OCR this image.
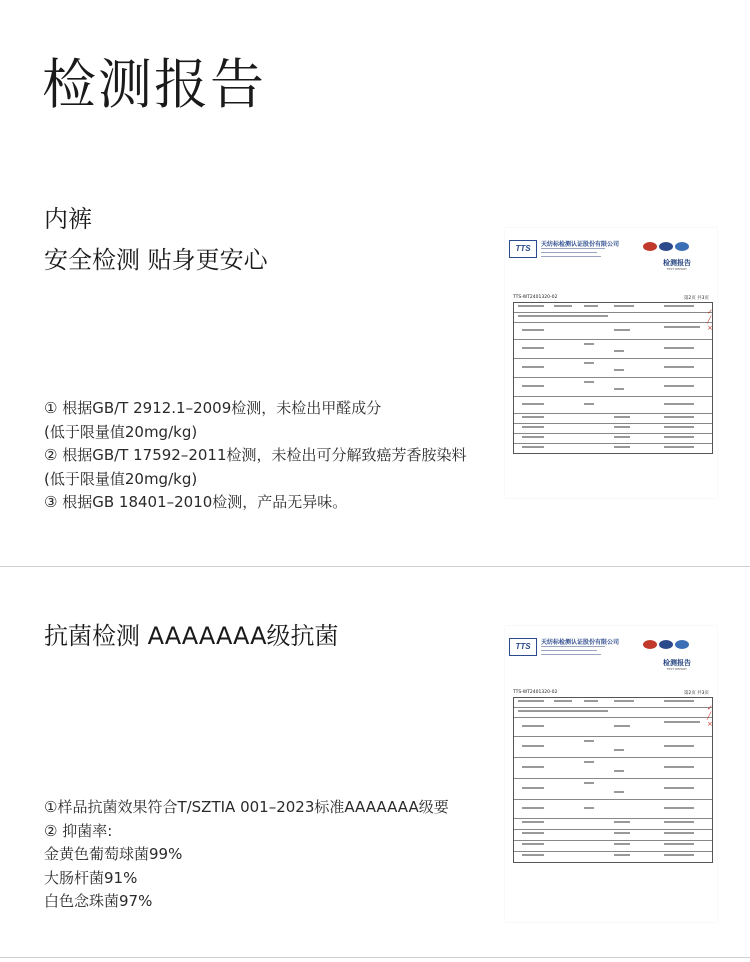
检测报告
内裤
安全检测 贴身更安心
① 根据GB/T 2912.1–2009检测，未检出甲醛成分
(低于限量值20mg/kg)
② 根据GB/T 17592–2011检测，未检出可分解致癌芳香胺染料
(低于限量值20mg/kg)
③ 根据GB 18401–2010检测，产品无异味。
TTS	天纺标检测认证股份有限公司
检测报告
TEST REPORT
TTS-WT2401320-02	第2页 共3页
✓
╱
×
抗菌检测 AAAAAAA级抗菌
①样品抗菌效果符合T/SZTIA 001–2023标准AAAAAAA级要
② 抑菌率:
金黄色葡萄球菌99%
大肠杆菌91%
白色念珠菌97%
TTS	天纺标检测认证股份有限公司
检测报告
TEST REPORT
TTS-WT2401320-02	第2页 共3页
✓
╱
×
